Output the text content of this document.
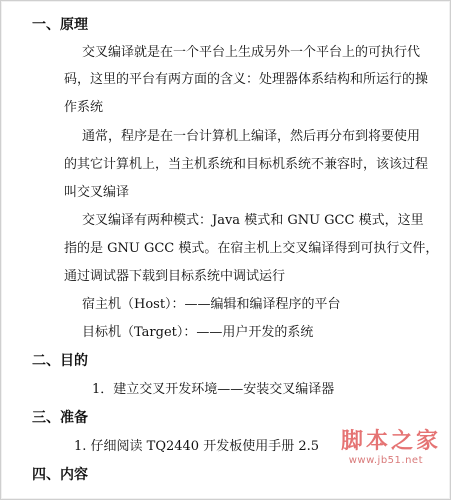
一、原理
交叉编译就是在一个平台上生成另外一个平台上的可执行代
码，这里的平台有两方面的含义：处理器体系结构和所运行的操
作系统
通常，程序是在一台计算机上编译，然后再分布到将要使用
的其它计算机上，当主机系统和目标机系统不兼容时，该该过程
叫交叉编译
交叉编译有两种模式：Java 模式和 GNU GCC 模式，这里
指的是 GNU GCC 模式。在宿主机上交叉编译得到可执行文件，
通过调试器下载到目标系统中调试运行
宿主机（Host）：——编辑和编译程序的平台
目标机（Target）：——用户开发的系统
二、目的
1．建立交叉开发环境——安装交叉编译器
三、准备
1. 仔细阅读 TQ2440 开发板使用手册 2.5
四、内容
脚本之家
www.jb51.net
